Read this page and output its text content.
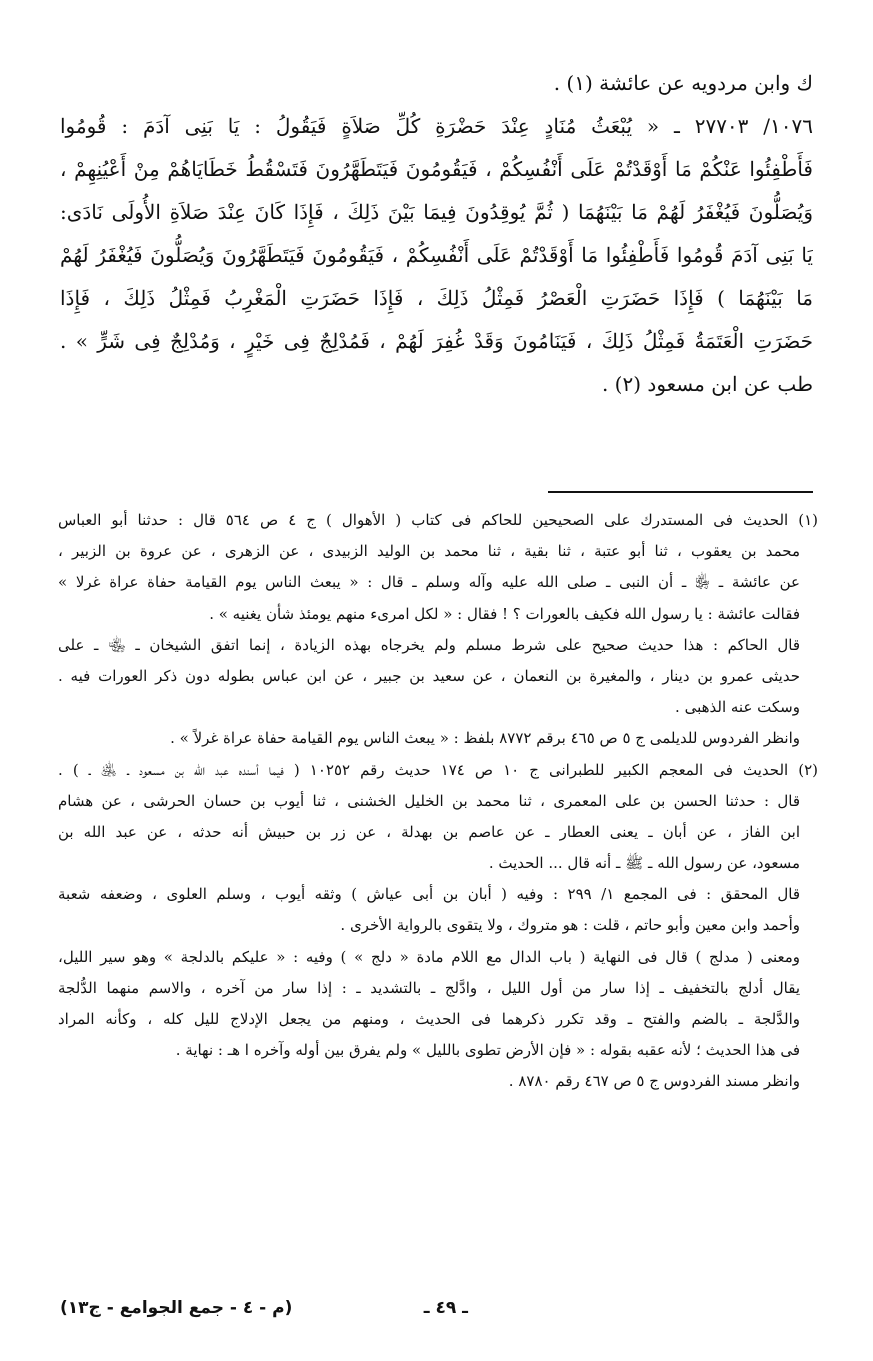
ك وابن مردويه عن عائشة (١) .
١٠٧٦/ ٢٧٧٠٣ ـ « يُبْعَثُ مُنَادٍ عِنْدَ حَضْرَةِ كُلِّ صَلاَةٍ فَيَقُولُ : يَا بَنِى آدَمَ : قُومُوا
فَأَطْفِئُوا عَنْكُمْ مَا أَوْقَدْتُمْ عَلَى أَنْفُسِكُمْ ، فَيَقُومُونَ فَيَتَطَهَّرُونَ فَتَسْقُطُ خَطَايَاهُمْ مِنْ أَعْيُنِهِمْ ،
وَيُصَلُّونَ فَيُغْفَرُ لَهُمْ مَا بَيْنَهُمَا ( ثُمَّ يُوقِدُونَ فِيمَا بَيْنَ ذَلِكَ ، فَإِذَا كَانَ عِنْدَ صَلاَةِ الأُولَى نَادَى:
يَا بَنِى آدَمَ قُومُوا فَأَطْفِئُوا مَا أَوْقَدْتُمْ عَلَى أَنْفُسِكُمْ ، فَيَقُومُونَ فَيَتَطَهَّرُونَ وَيُصَلُّونَ فَيُغْفَرُ لَهُمْ
مَا بَيْنَهُمَا ) فَإِذَا حَضَرَتِ الْعَصْرُ فَمِثْلُ ذَلِكَ ، فَإِذَا حَضَرَتِ الْمَغْرِبُ فَمِثْلُ ذَلِكَ ، فَإِذَا
حَضَرَتِ الْعَتَمَةُ فَمِثْلُ ذَلِكَ ، فَيَنَامُونَ وَقَدْ غُفِرَ لَهُمْ ، فَمُدْلِجٌ فِى خَيْرٍ ، وَمُدْلِجٌ فِى شَرٍّ » .
طب عن ابن مسعود (٢) .
(١) الحديث فى المستدرك على الصحيحين للحاكم فى كتاب ( الأهوال ) ج ٤ ص ٥٦٤ قال : حدثنا أبو العباس
محمد بن يعقوب ، ثنا أبو عتبة ، ثنا بقية ، ثنا محمد بن الوليد الزبيدى ، عن الزهرى ، عن عروة بن الزبير ،
عن عائشة ـ ﵂ ـ أن النبى ـ صلى الله عليه وآله وسلم ـ قال : « يبعث الناس يوم القيامة حفاة عراة غرلا »
فقالت عائشة : يا رسول الله فكيف بالعورات ؟ ! فقال : « لكل امرىء منهم يومئذ شأن يغنيه » .
قال الحاكم : هذا حديث صحيح على شرط مسلم ولم يخرجاه بهذه الزيادة ، إنما اتفق الشيخان ـ ﵄ ـ على
حديثى عمرو بن دينار ، والمغيرة بن النعمان ، عن سعيد بن جبير ، عن ابن عباس بطوله دون ذكر العورات فيه .
وسكت عنه الذهبى .
وانظر الفردوس للديلمى ج ٥ ص ٤٦٥ برقم ٨٧٧٢ بلفظ : « يبعث الناس يوم القيامة حفاة عراة غرلاً » .
(٢) الحديث فى المعجم الكبير للطبرانى ج ١٠ ص ١٧٤ حديث رقم ١٠٢٥٢ ( فيما أسنده عبد الله بن مسعود ـ ﵁ ـ ) .
قال : حدثنا الحسن بن على المعمرى ، ثنا محمد بن الخليل الخشنى ، ثنا أيوب بن حسان الحرشى ، عن هشام
ابن الفاز ، عن أبان ـ يعنى العطار ـ عن عاصم بن بهدلة ، عن زر بن حبيش أنه حدثه ، عن عبد الله بن
مسعود، عن رسول الله ـ ﷺ ـ أنه قال ... الحديث .
قال المحقق : فى المجمع ١/ ٢٩٩ : وفيه ( أبان بن أبى عياش ) وثقه أيوب ، وسلم العلوى ، وضعفه شعبة
وأحمد وابن معين وأبو حاتم ، قلت : هو متروك ، ولا يتقوى بالرواية الأخرى .
ومعنى ( مدلج ) قال فى النهاية ( باب الدال مع اللام مادة « دلج » ) وفيه : « عليكم بالدلجة » وهو سير الليل،
يقال أدلج بالتخفيف ـ إذا سار من أول الليل ، وادَّلج ـ بالتشديد ـ : إذا سار من آخره ، والاسم منهما الدُّلجة
والدَّلجة ـ بالضم والفتح ـ وقد تكرر ذكرهما فى الحديث ، ومنهم من يجعل الإدلاج لليل كله ، وكأنه المراد
فى هذا الحديث ؛ لأنه عقبه بقوله : « فإن الأرض تطوى بالليل » ولم يفرق بين أوله وآخره ا هـ : نهاية .
وانظر مسند الفردوس ج ٥ ص ٤٦٧ رقم ٨٧٨٠ .
ـ ٤٩ ـ
(م - ٤ - جمع الجوامع - ج١٣)
